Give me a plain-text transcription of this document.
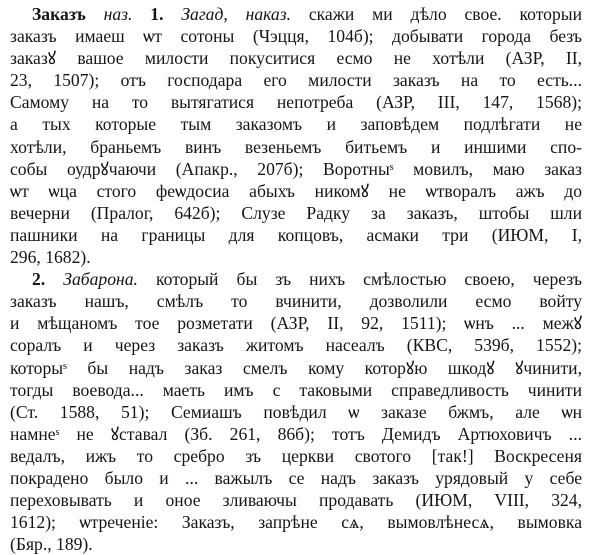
Заказъ наз. 1. Загад, наказ. скажи ми дѣло свое. которыи
заказъ имаеш ѡт сотоны (Чэцця, 104б); добывати города безъ
заказꙋ вашое милости покуситися есмо не хотѣли (АЗР, II,
23, 1507); отъ господара его милости заказъ на то есть...
Самому на то вытягатися непотреба (АЗР, III, 147, 1568);
а тых которые тым заказомъ и заповѣдем подлѣгати не
хотѣли, браньемъ винъ везеньемъ битьемъ и иншими спо-
собы оудрꙋчаючи (Апакр., 207б); Воротныˢ мовилъ, маю заказ
ѡт ѡца стого феѡдосиа абыхъ никомꙋ не ѡтворалъ ажъ до
вечерни (Пралог, 642б); Слузе Радку за заказъ, штобы шли
пашники на границы для копцовъ, асмаки три (ИЮМ, I,
296, 1682).
2. Забарона. который бы зъ нихъ смѣлостью своею, черезъ
заказъ нашъ, смѣлъ то вчинити, дозволили есмо войту
и мѣщаномъ тое розметати (АЗР, II, 92, 1511); ѡнъ ... межꙋ
соралъ и через заказъ житомъ насеалъ (КВС, 539б, 1552);
которыˢ бы надъ заказ смелъ кому которꙋю шкодꙋ ꙋчинити,
тогды воевода... маеть имъ с таковыми справедливость чинити
(Ст. 1588, 51); Семиашъ повѣдил ѡ заказе бжмъ, але ѡн
намнеˢ не ꙋставал (Зб. 261, 86б); тотъ Демидъ Артюховичъ ...
ведалъ, ижъ то сребро зъ церкви свотого [так!] Воскресеня
покрадено было и ... важылъ се надъ заказъ урядовый у себе
переховывать и оное зливаючы продавать (ИЮМ, VIII, 324,
1612); ѡтреченіе: Заказъ, запрѣне сѧ, вымовлѣнесѧ, вымовка
(Бяр., 189).
